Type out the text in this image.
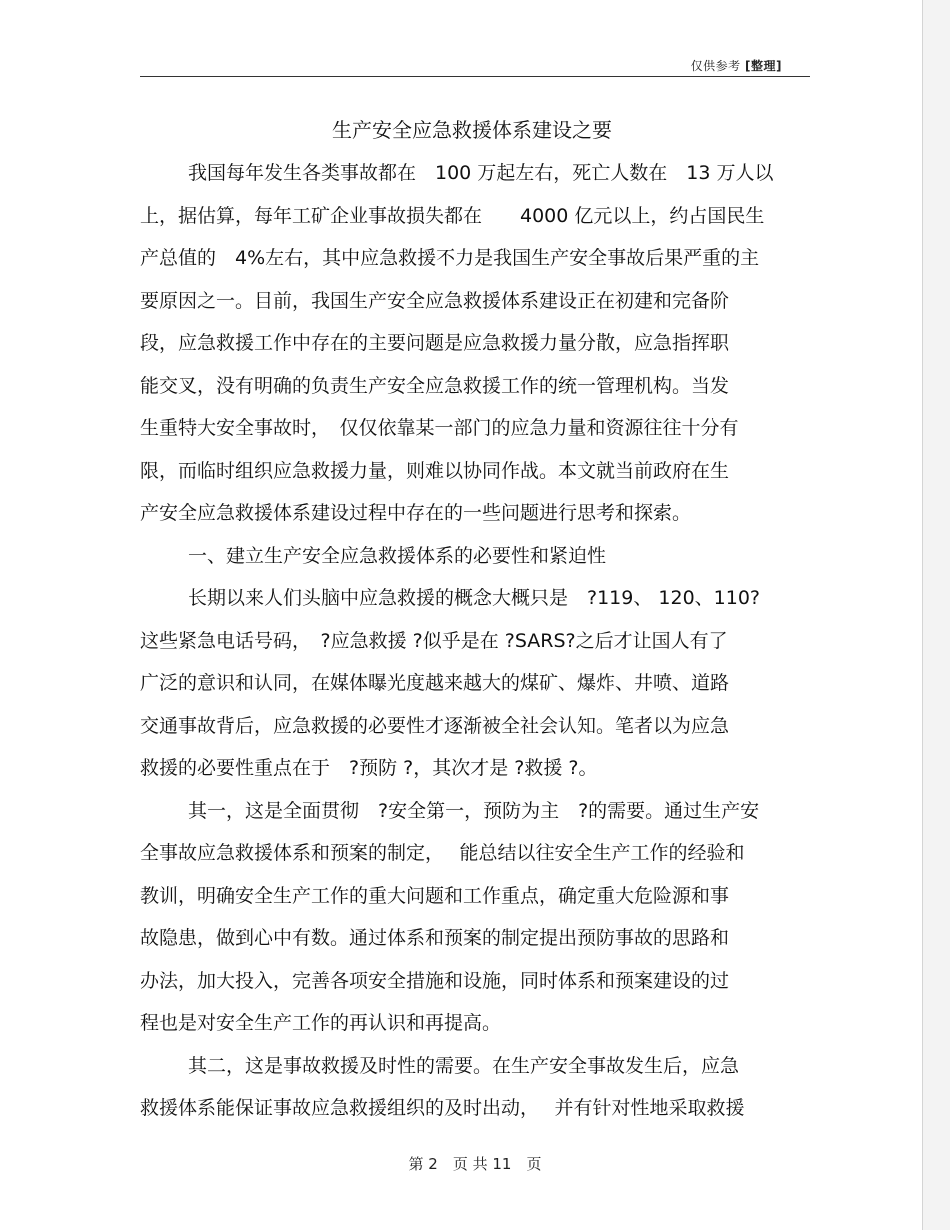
仅供参考 [整理]
生产安全应急救援体系建设之要
我国每年发生各类事故都在　100 万起左右，死亡人数在　13 万人以
上，据估算，每年工矿企业事故损失都在　　4000 亿元以上，约占国民生
产总值的　4%左右，其中应急救援不力是我国生产安全事故后果严重的主
要原因之一。目前，我国生产安全应急救援体系建设正在初建和完备阶
段，应急救援工作中存在的主要问题是应急救援力量分散，应急指挥职
能交叉，没有明确的负责生产安全应急救援工作的统一管理机构。当发
生重特大安全事故时，　仅仅依靠某一部门的应急力量和资源往往十分有
限，而临时组织应急救援力量，则难以协同作战。本文就当前政府在生
产安全应急救援体系建设过程中存在的一些问题进行思考和探索。
一、建立生产安全应急救援体系的必要性和紧迫性
长期以来人们头脑中应急救援的概念大概只是　?119、 120、110?
这些紧急电话号码，　?应急救援 ?似乎是在 ?SARS?之后才让国人有了
广泛的意识和认同，在媒体曝光度越来越大的煤矿、爆炸、井喷、道路
交通事故背后，应急救援的必要性才逐渐被全社会认知。笔者以为应急
救援的必要性重点在于　?预防 ?，其次才是 ?救援 ?。
其一，这是全面贯彻　?安全第一，预防为主　?的需要。通过生产安
全事故应急救援体系和预案的制定，　 能总结以往安全生产工作的经验和
教训，明确安全生产工作的重大问题和工作重点，确定重大危险源和事
故隐患，做到心中有数。通过体系和预案的制定提出预防事故的思路和
办法，加大投入，完善各项安全措施和设施，同时体系和预案建设的过
程也是对安全生产工作的再认识和再提高。
其二，这是事故救援及时性的需要。在生产安全事故发生后，应急
救援体系能保证事故应急救援组织的及时出动，　 并有针对性地采取救援
第 2　页 共 11　页
